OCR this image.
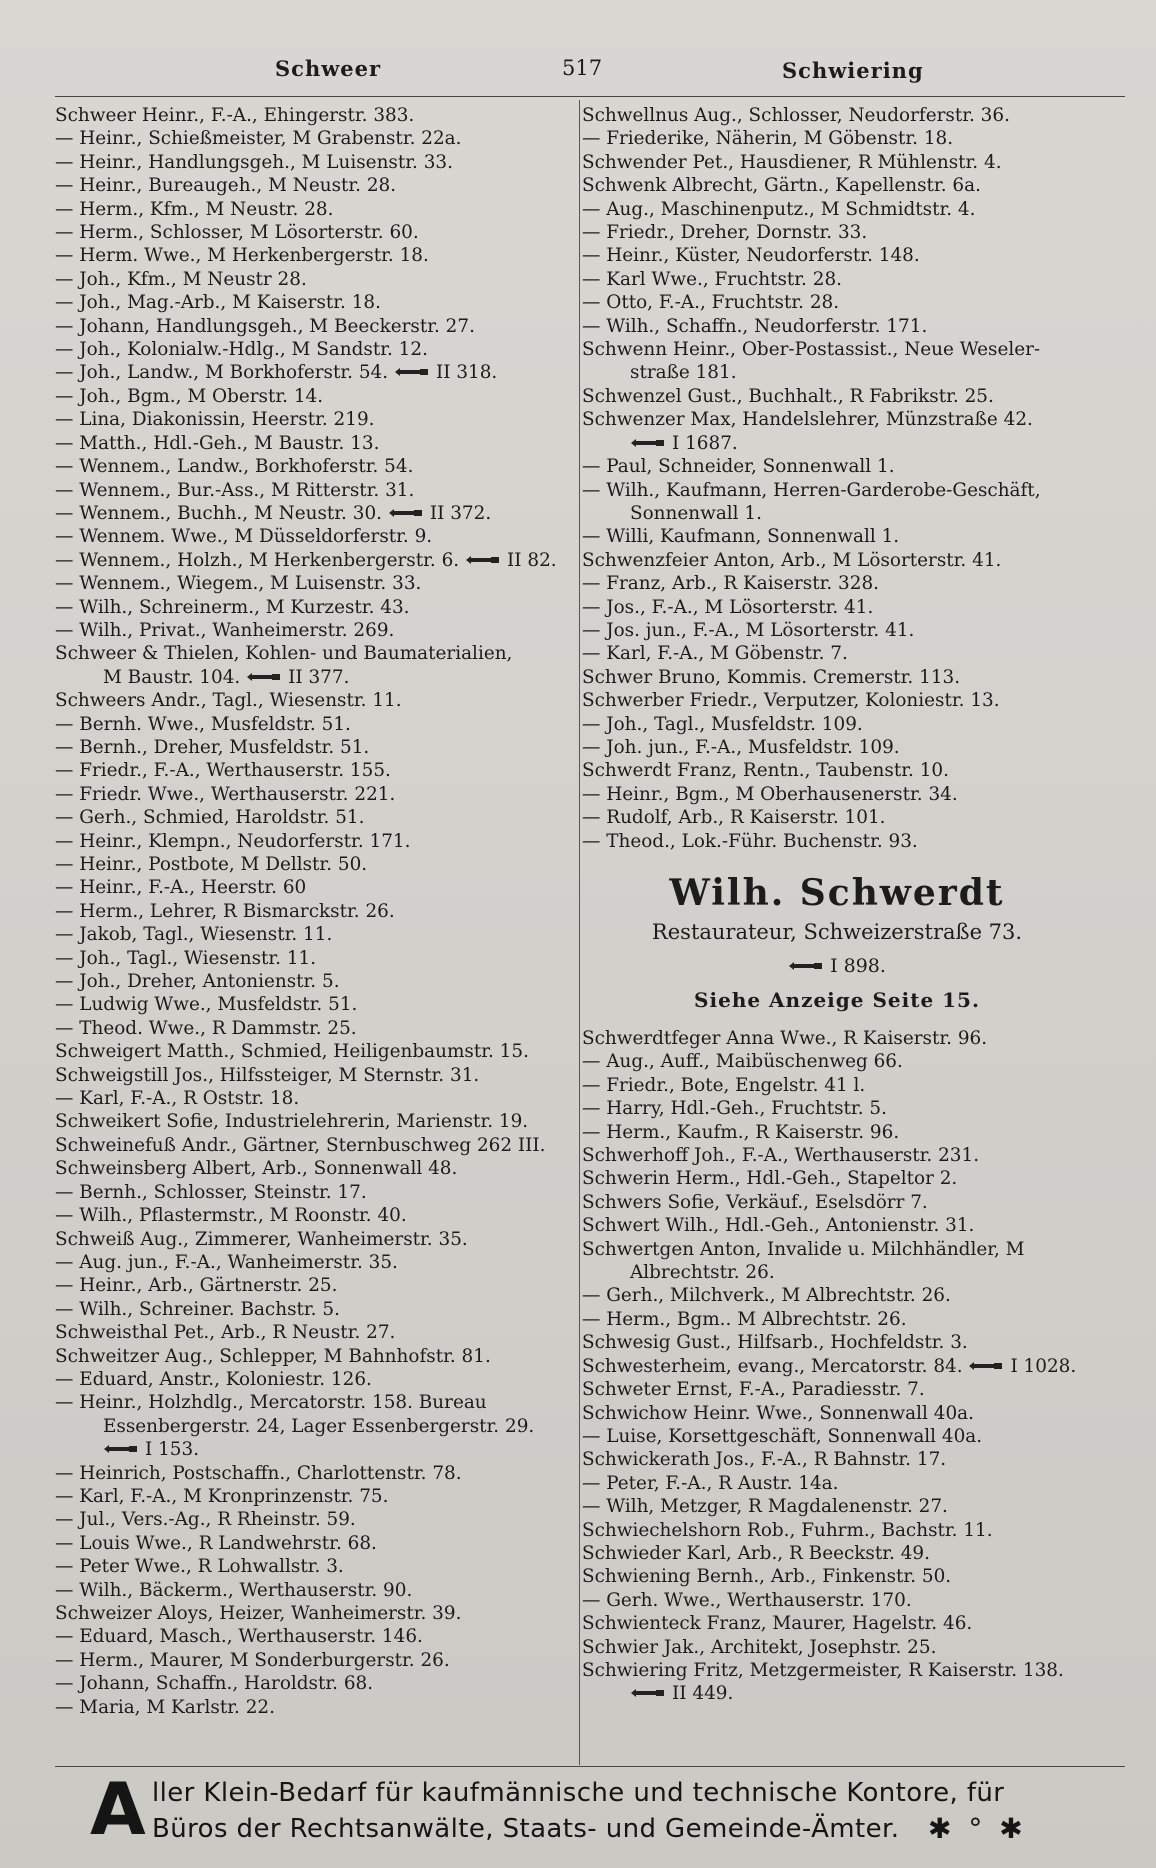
Schweer	517	Schwiering
Schweer Heinr., F.-A., Ehingerstr. 383.
— Heinr., Schießmeister, M Grabenstr. 22a.
— Heinr., Handlungsgeh., M Luisenstr. 33.
— Heinr., Bureaugeh., M Neustr. 28.
— Herm., Kfm., M Neustr. 28.
— Herm., Schlosser, M Lösorterstr. 60.
— Herm. Wwe., M Herkenbergerstr. 18.
— Joh., Kfm., M Neustr 28.
— Joh., Mag.-Arb., M Kaiserstr. 18.
— Johann, Handlungsgeh., M Beeckerstr. 27.
— Joh., Kolonialw.-Hdlg., M Sandstr. 12.
— Joh., Landw., M Borkhoferstr. 54.	II 318.
— Joh., Bgm., M Oberstr. 14.
— Lina, Diakonissin, Heerstr. 219.
— Matth., Hdl.-Geh., M Baustr. 13.
— Wennem., Landw., Borkhoferstr. 54.
— Wennem., Bur.-Ass., M Ritterstr. 31.
— Wennem., Buchh., M Neustr. 30.	II 372.
— Wennem. Wwe., M Düsseldorferstr. 9.
— Wennem., Holzh., M Herkenbergerstr. 6.	II 82.
— Wennem., Wiegem., M Luisenstr. 33.
— Wilh., Schreinerm., M Kurzestr. 43.
— Wilh., Privat., Wanheimerstr. 269.
Schweer & Thielen, Kohlen- und Baumaterialien,
M Baustr. 104.	II 377.
Schweers Andr., Tagl., Wiesenstr. 11.
— Bernh. Wwe., Musfeldstr. 51.
— Bernh., Dreher, Musfeldstr. 51.
— Friedr., F.-A., Werthauserstr. 155.
— Friedr. Wwe., Werthauserstr. 221.
— Gerh., Schmied, Haroldstr. 51.
— Heinr., Klempn., Neudorferstr. 171.
— Heinr., Postbote, M Dellstr. 50.
— Heinr., F.-A., Heerstr. 60
— Herm., Lehrer, R Bismarckstr. 26.
— Jakob, Tagl., Wiesenstr. 11.
— Joh., Tagl., Wiesenstr. 11.
— Joh., Dreher, Antonienstr. 5.
— Ludwig Wwe., Musfeldstr. 51.
— Theod. Wwe., R Dammstr. 25.
Schweigert Matth., Schmied, Heiligenbaumstr. 15.
Schweigstill Jos., Hilfssteiger, M Sternstr. 31.
— Karl, F.-A., R Oststr. 18.
Schweikert Sofie, Industrielehrerin, Marienstr. 19.
Schweinefuß Andr., Gärtner, Sternbuschweg 262 III.
Schweinsberg Albert, Arb., Sonnenwall 48.
— Bernh., Schlosser, Steinstr. 17.
— Wilh., Pflastermstr., M Roonstr. 40.
Schweiß Aug., Zimmerer, Wanheimerstr. 35.
— Aug. jun., F.-A., Wanheimerstr. 35.
— Heinr., Arb., Gärtnerstr. 25.
— Wilh., Schreiner. Bachstr. 5.
Schweisthal Pet., Arb., R Neustr. 27.
Schweitzer Aug., Schlepper, M Bahnhofstr. 81.
— Eduard, Anstr., Koloniestr. 126.
— Heinr., Holzhdlg., Mercatorstr. 158. Bureau
Essenbergerstr. 24, Lager Essenbergerstr. 29.
I 153.
— Heinrich, Postschaffn., Charlottenstr. 78.
— Karl, F.-A., M Kronprinzenstr. 75.
— Jul., Vers.-Ag., R Rheinstr. 59.
— Louis Wwe., R Landwehrstr. 68.
— Peter Wwe., R Lohwallstr. 3.
— Wilh., Bäckerm., Werthauserstr. 90.
Schweizer Aloys, Heizer, Wanheimerstr. 39.
— Eduard, Masch., Werthauserstr. 146.
— Herm., Maurer, M Sonderburgerstr. 26.
— Johann, Schaffn., Haroldstr. 68.
— Maria, M Karlstr. 22.
Schwellnus Aug., Schlosser, Neudorferstr. 36.
— Friederike, Näherin, M Göbenstr. 18.
Schwender Pet., Hausdiener, R Mühlenstr. 4.
Schwenk Albrecht, Gärtn., Kapellenstr. 6a.
— Aug., Maschinenputz., M Schmidtstr. 4.
— Friedr., Dreher, Dornstr. 33.
— Heinr., Küster, Neudorferstr. 148.
— Karl Wwe., Fruchtstr. 28.
— Otto, F.-A., Fruchtstr. 28.
— Wilh., Schaffn., Neudorferstr. 171.
Schwenn Heinr., Ober-Postassist., Neue Weseler-
straße 181.
Schwenzel Gust., Buchhalt., R Fabrikstr. 25.
Schwenzer Max, Handelslehrer, Münzstraße 42.
I 1687.
— Paul, Schneider, Sonnenwall 1.
— Wilh., Kaufmann, Herren-Garderobe-Geschäft,
Sonnenwall 1.
— Willi, Kaufmann, Sonnenwall 1.
Schwenzfeier Anton, Arb., M Lösorterstr. 41.
— Franz, Arb., R Kaiserstr. 328.
— Jos., F.-A., M Lösorterstr. 41.
— Jos. jun., F.-A., M Lösorterstr. 41.
— Karl, F.-A., M Göbenstr. 7.
Schwer Bruno, Kommis. Cremerstr. 113.
Schwerber Friedr., Verputzer, Koloniestr. 13.
— Joh., Tagl., Musfeldstr. 109.
— Joh. jun., F.-A., Musfeldstr. 109.
Schwerdt Franz, Rentn., Taubenstr. 10.
— Heinr., Bgm., M Oberhausenerstr. 34.
— Rudolf, Arb., R Kaiserstr. 101.
— Theod., Lok.-Führ. Buchenstr. 93.
Wilh. Schwerdt
Restaurateur, Schweizerstraße 73.
I 898.
Siehe Anzeige Seite 15.
Schwerdtfeger Anna Wwe., R Kaiserstr. 96.
— Aug., Auff., Maibüschenweg 66.
— Friedr., Bote, Engelstr. 41 l.
— Harry, Hdl.-Geh., Fruchtstr. 5.
— Herm., Kaufm., R Kaiserstr. 96.
Schwerhoff Joh., F.-A., Werthauserstr. 231.
Schwerin Herm., Hdl.-Geh., Stapeltor 2.
Schwers Sofie, Verkäuf., Eselsdörr 7.
Schwert Wilh., Hdl.-Geh., Antonienstr. 31.
Schwertgen Anton, Invalide u. Milchhändler, M
Albrechtstr. 26.
— Gerh., Milchverk., M Albrechtstr. 26.
— Herm., Bgm.. M Albrechtstr. 26.
Schwesig Gust., Hilfsarb., Hochfeldstr. 3.
Schwesterheim, evang., Mercatorstr. 84.	I 1028.
Schweter Ernst, F.-A., Paradiesstr. 7.
Schwichow Heinr. Wwe., Sonnenwall 40a.
— Luise, Korsettgeschäft, Sonnenwall 40a.
Schwickerath Jos., F.-A., R Bahnstr. 17.
— Peter, F.-A., R Austr. 14a.
— Wilh, Metzger, R Magdalenenstr. 27.
Schwiechelshorn Rob., Fuhrm., Bachstr. 11.
Schwieder Karl, Arb., R Beeckstr. 49.
Schwiening Bernh., Arb., Finkenstr. 50.
— Gerh. Wwe., Werthauserstr. 170.
Schwienteck Franz, Maurer, Hagelstr. 46.
Schwier Jak., Architekt, Josephstr. 25.
Schwiering Fritz, Metzgermeister, R Kaiserstr. 138.
II 449.
A ller Klein-Bedarf für kaufmännische und technische Kontore, für
Büros der Rechtsanwälte, Staats- und Gemeinde-Ämter. ✱ ° ✱
